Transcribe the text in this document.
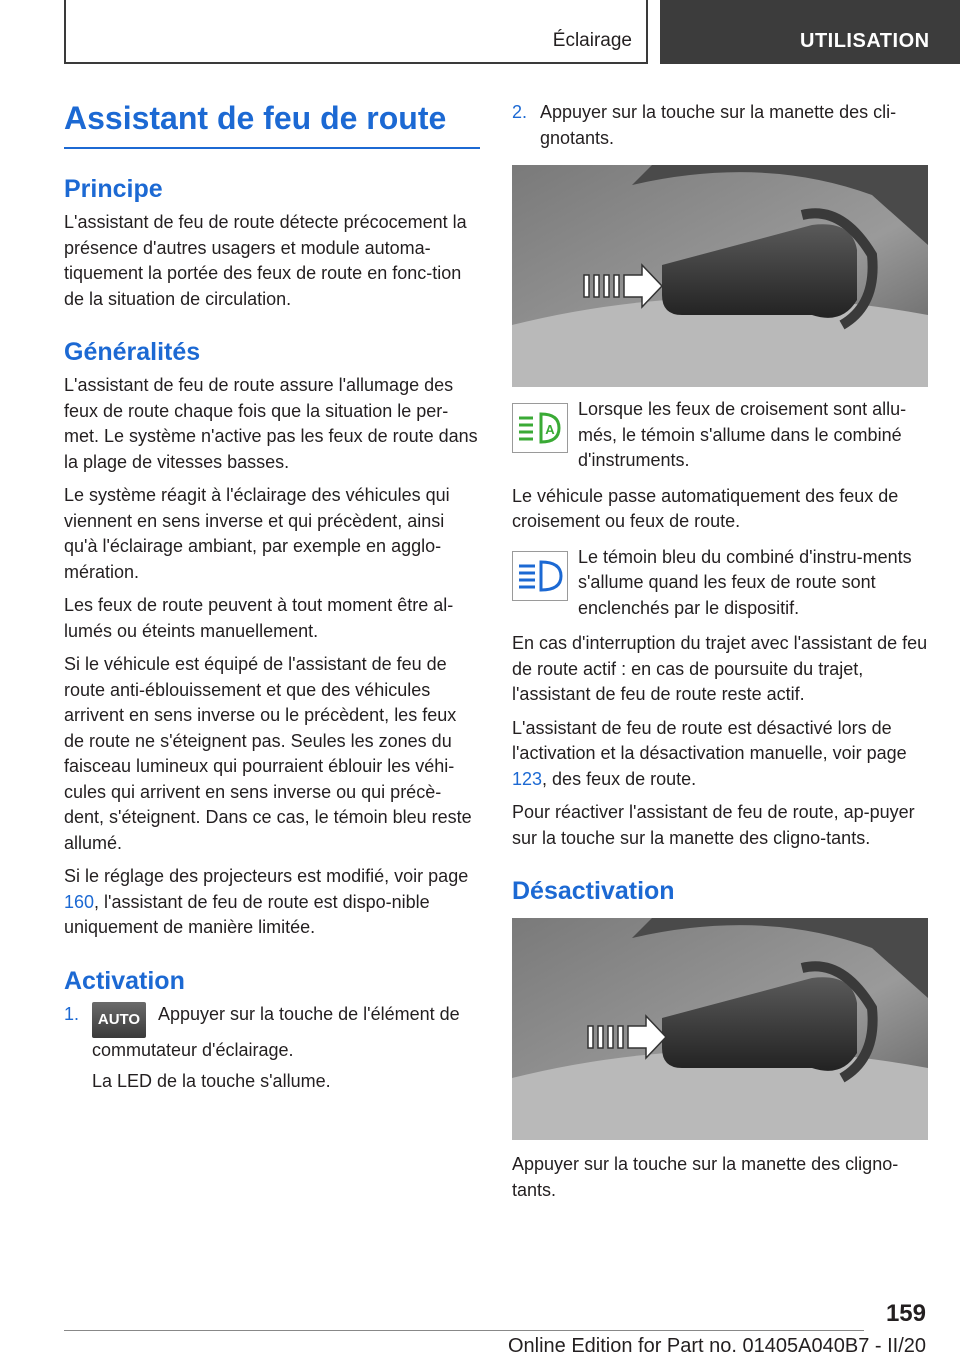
Éclairage	UTILISATION
Assistant de feu de route
Principe

L'assistant de feu de route détecte précocement la présence d'autres usagers et module automa-tiquement la portée des feux de route en fonc-tion de la situation de circulation.

Généralités

L'assistant de feu de route assure l'allumage des feux de route chaque fois que la situation le per-met. Le système n'active pas les feux de route dans la plage de vitesses basses.

Le système réagit à l'éclairage des véhicules qui viennent en sens inverse et qui précèdent, ainsi qu'à l'éclairage ambiant, par exemple en agglo-mération.

Les feux de route peuvent à tout moment être al-lumés ou éteints manuellement.

Si le véhicule est équipé de l'assistant de feu de route anti-éblouissement et que des véhicules arrivent en sens inverse ou le précèdent, les feux de route ne s'éteignent pas. Seules les zones du faisceau lumineux qui pourraient éblouir les véhi-cules qui arrivent en sens inverse ou qui précè-dent, s'éteignent. Dans ce cas, le témoin bleu reste allumé.

Si le réglage des projecteurs est modifié, voir page 160, l'assistant de feu de route est dispo-nible uniquement de manière limitée.

Activation
1. AUTO Appuyer sur la touche de l'élément de commutateur d'éclairage.

La LED de la touche s'allume.

2. Appuyer sur la touche sur la manette des cli-gnotants.
A

Lorsque les feux de croisement sont allu-més, le témoin s'allume dans le combiné d'instruments.

Le véhicule passe automatiquement des feux de croisement ou feux de route.

Le témoin bleu du combiné d'instru-ments s'allume quand les feux de route sont enclenchés par le dispositif.

En cas d'interruption du trajet avec l'assistant de feu de route actif : en cas de poursuite du trajet, l'assistant de feu de route reste actif.

L'assistant de feu de route est désactivé lors de l'activation et la désactivation manuelle, voir page 123, des feux de route.

Pour réactiver l'assistant de feu de route, ap-puyer sur la touche sur la manette des cligno-tants.

Désactivation

Appuyer sur la touche sur la manette des cligno-tants.

159
Online Edition for Part no. 01405A040B7 - II/20
